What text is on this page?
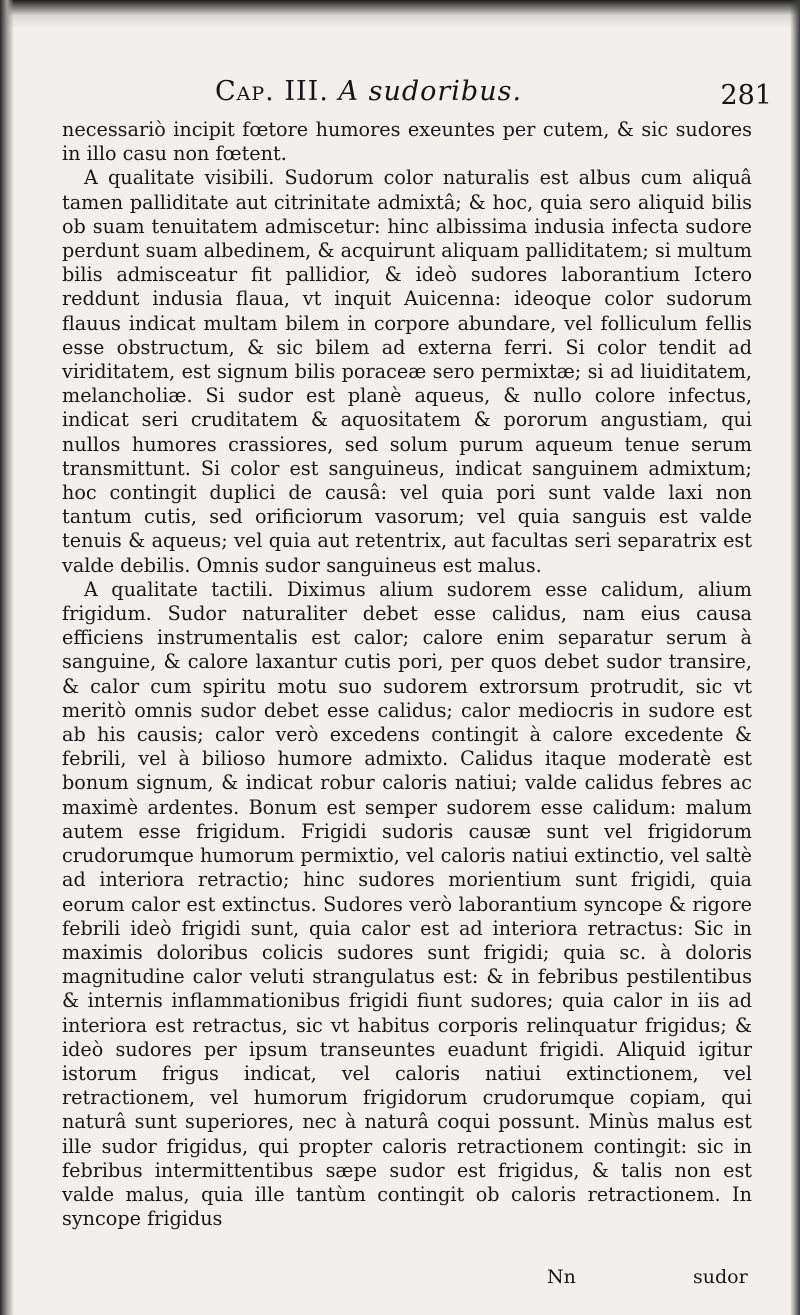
Cap. III. A sudoribus.	281

necessariò incipit fœtore humores exeuntes per cutem, & sic sudores in illo casu non fœtent.

A qualitate visibili. Sudorum color naturalis est albus cum aliquâ tamen palliditate aut citrinitate admixtâ; & hoc, quia sero aliquid bilis ob suam tenuitatem admiscetur: hinc albissima indusia infecta sudore perdunt suam albedinem, & acquirunt aliquam palliditatem; si multum bilis admisceatur fit pallidior, & ideò sudores laborantium Ictero reddunt indusia flaua, vt inquit Auicenna: ideoque color sudorum flauus indicat multam bilem in corpore abundare, vel folliculum fellis esse obstructum, & sic bilem ad externa ferri. Si color tendit ad viriditatem, est signum bilis poraceæ sero permixtæ; si ad liuiditatem, melancholiæ. Si sudor est planè aqueus, & nullo colore infectus, indicat seri cruditatem & aquositatem & pororum angustiam, qui nullos humores crassiores, sed solum purum aqueum tenue serum transmittunt. Si color est sanguineus, indicat sanguinem admixtum; hoc contingit duplici de causâ: vel quia pori sunt valde laxi non tantum cutis, sed orificiorum vasorum; vel quia sanguis est valde tenuis & aqueus; vel quia aut retentrix, aut facultas seri separatrix est valde debilis. Omnis sudor sanguineus est malus.

A qualitate tactili. Diximus alium sudorem esse calidum, alium frigidum. Sudor naturaliter debet esse calidus, nam eius causa efficiens instrumentalis est calor; calore enim separatur serum à sanguine, & calore laxantur cutis pori, per quos debet sudor transire, & calor cum spiritu motu suo sudorem extrorsum protrudit, sic vt meritò omnis sudor debet esse calidus; calor mediocris in sudore est ab his causis; calor verò excedens contingit à calore excedente & febrili, vel à bilioso humore admixto. Calidus itaque moderatè est bonum signum, & indicat robur caloris natiui; valde calidus febres ac maximè ardentes. Bonum est semper sudorem esse calidum: malum autem esse frigidum. Frigidi sudoris causæ sunt vel frigidorum crudorumque humorum permixtio, vel caloris natiui extinctio, vel saltè ad interiora retractio; hinc sudores morientium sunt frigidi, quia eorum calor est extinctus. Sudores verò laborantium syncope & rigore febrili ideò frigidi sunt, quia calor est ad interiora retractus: Sic in maximis doloribus colicis sudores sunt frigidi; quia sc. à doloris magnitudine calor veluti strangulatus est: & in febribus pestilentibus & internis inflammationibus frigidi fiunt sudores; quia calor in iis ad interiora est retractus, sic vt habitus corporis relinquatur frigidus; & ideò sudores per ipsum transeuntes euadunt frigidi. Aliquid igitur istorum frigus indicat, vel caloris natiui extinctionem, vel retractionem, vel humorum frigidorum crudorumque copiam, qui naturâ sunt superiores, nec à naturâ coqui possunt. Minùs malus est ille sudor frigidus, qui propter caloris retractionem contingit: sic in febribus intermittentibus sæpe sudor est frigidus, & talis non est valde malus, quia ille tantùm contingit ob caloris retractionem. In syncope frigidus

Nn	sudor
